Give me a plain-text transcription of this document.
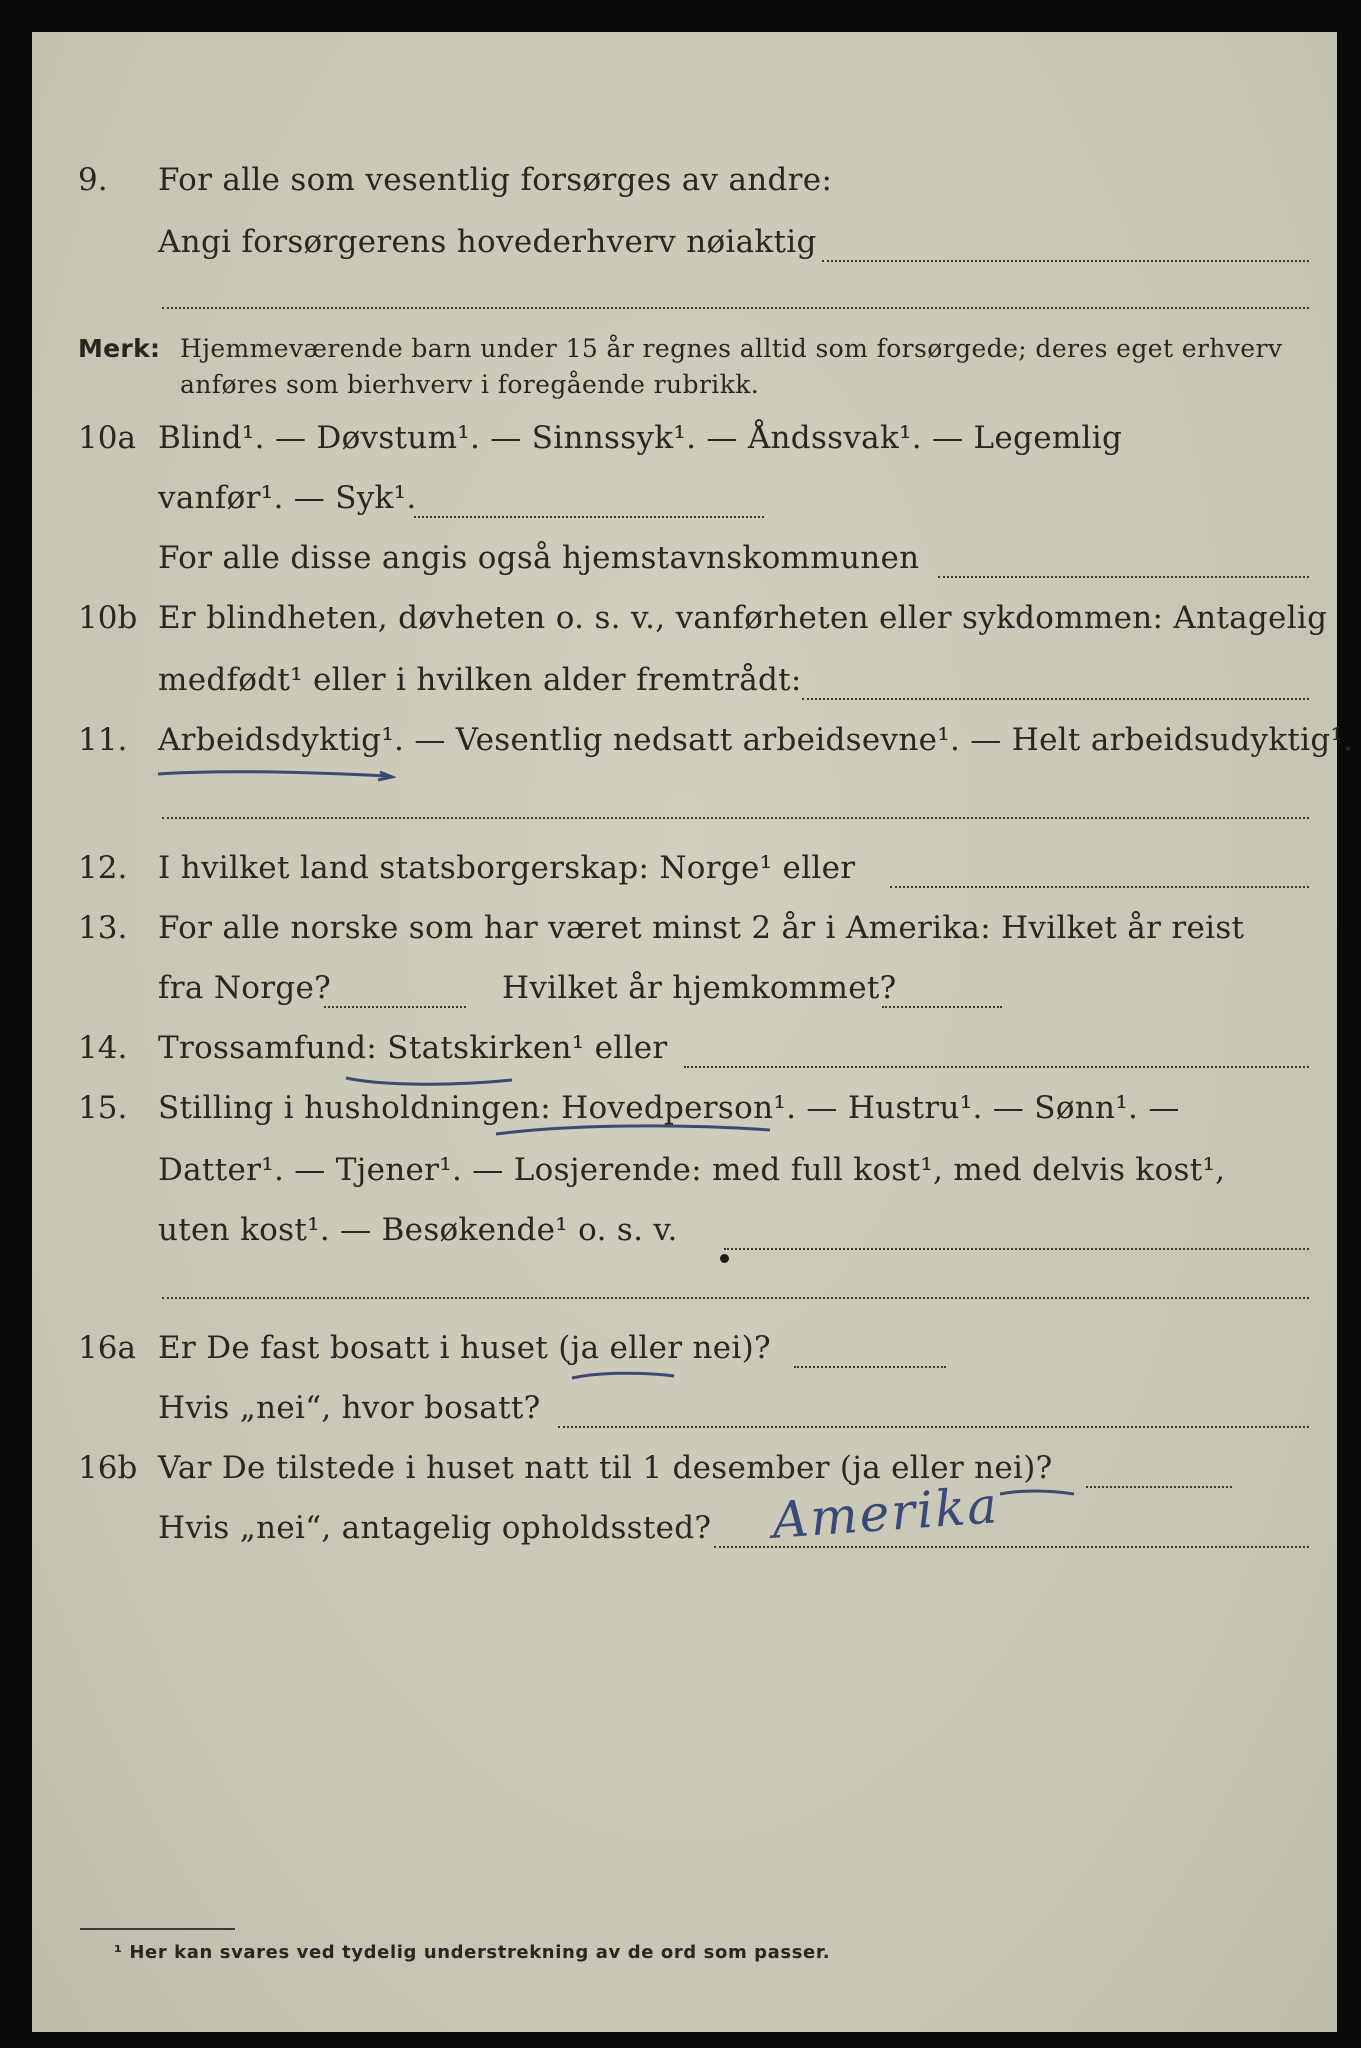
9. For alle som vesentlig forsørges av andre:
Angi forsørgerens hovederhverv nøiaktig
Merk: Hjemmeværende barn under 15 år regnes alltid som forsørgede; deres eget erhverv
anføres som bierhverv i foregående rubrikk.
10a Blind¹. — Døvstum¹. — Sinnssyk¹. — Åndssvak¹. — Legemlig
vanfør¹. — Syk¹.
For alle disse angis også hjemstavnskommunen
10b Er blindheten, døvheten o. s. v., vanførheten eller sykdommen: Antagelig
medfødt¹ eller i hvilken alder fremtrådt:
11. Arbeidsdyktig¹. — Vesentlig nedsatt arbeidsevne¹. — Helt arbeidsudyktig¹.
12. I hvilket land statsborgerskap: Norge¹ eller
13. For alle norske som har været minst 2 år i Amerika: Hvilket år reist
fra Norge?	Hvilket år hjemkommet?
14. Trossamfund: Statskirken¹ eller
15. Stilling i husholdningen: Hovedperson¹. — Hustru¹. — Sønn¹. —
Datter¹. — Tjener¹. — Losjerende: med full kost¹, med delvis kost¹,
uten kost¹. — Besøkende¹ o. s. v.
16a Er De fast bosatt i huset (ja eller nei)?
Hvis „nei“, hvor bosatt?
16b Var De tilstede i huset natt til 1 desember (ja eller nei)?
Hvis „nei“, antagelig opholdssted? Amerika
¹ Her kan svares ved tydelig understrekning av de ord som passer.
